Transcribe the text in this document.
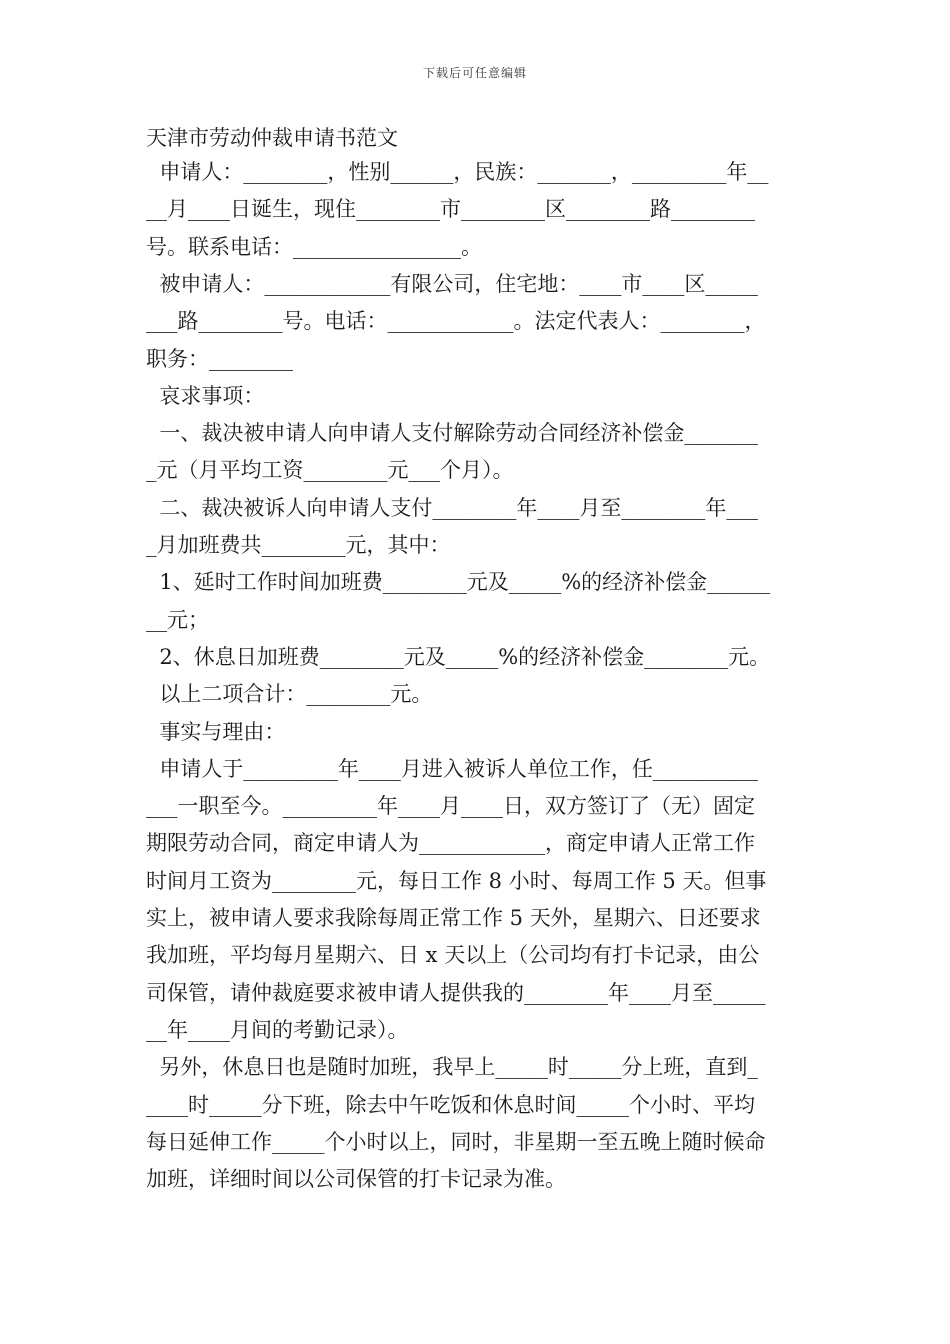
下载后可任意编辑
天津市劳动仲裁申请书范文
申请人：________，性别______，民族：_______，_________年__
__月____日诞生，现住________市________区________路________
号。联系电话：________________。
被申请人：____________有限公司，住宅地：____市____区_____
___路________号。电话：____________。法定代表人：________，
职务：________
哀求事项：
一、裁决被申请人向申请人支付解除劳动合同经济补偿金_______
_元（月平均工资________元___个月）。
二、裁决被诉人向申请人支付________年____月至________年___
_月加班费共________元，其中：
1、延时工作时间加班费________元及_____%的经济补偿金______
__元；
2、休息日加班费________元及_____%的经济补偿金________元。
以上二项合计：________元。
事实与理由：
申请人于_________年____月进入被诉人单位工作，任__________
___一职至今。_________年____月____日，双方签订了（无）固定
期限劳动合同，商定申请人为____________，商定申请人正常工作
时间月工资为________元，每日工作 8 小时、每周工作 5 天。但事
实上，被申请人要求我除每周正常工作 5 天外，星期六、日还要求
我加班，平均每月星期六、日 x 天以上（公司均有打卡记录，由公
司保管，请仲裁庭要求被申请人提供我的________年____月至_____
__年____月间的考勤记录）。
另外，休息日也是随时加班，我早上_____时_____分上班，直到_
____时_____分下班，除去中午吃饭和休息时间_____个小时、平均
每日延伸工作_____个小时以上，同时，非星期一至五晚上随时候命
加班，详细时间以公司保管的打卡记录为准。
